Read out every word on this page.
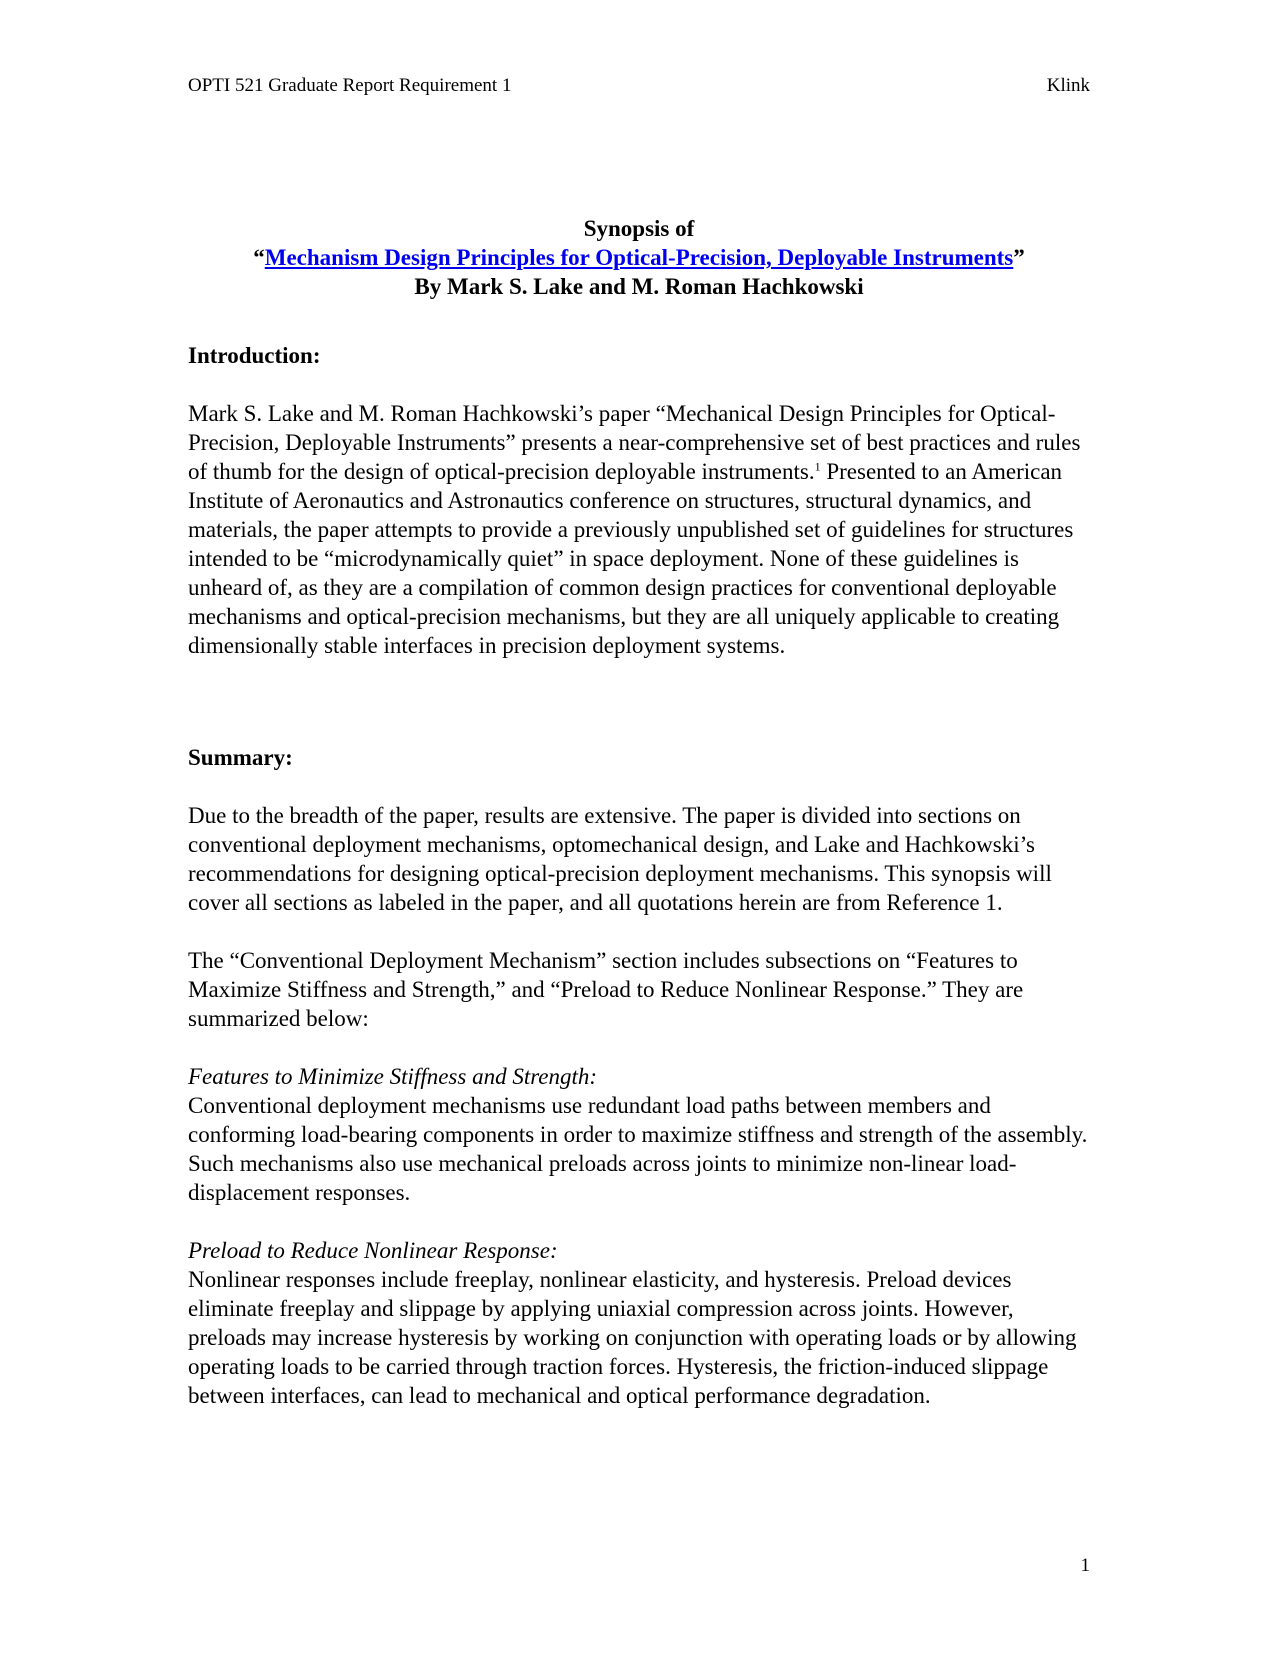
OPTI 521 Graduate Report Requirement 1	Klink
Synopsis of
“Mechanism Design Principles for Optical-Precision, Deployable Instruments”
By Mark S. Lake and M. Roman Hachkowski

Introduction:

Mark S. Lake and M. Roman Hachkowski’s paper “Mechanical Design Principles for Optical-Precision, Deployable Instruments” presents a near-comprehensive set of best practices and rules of thumb for the design of optical-precision deployable instruments.$^1$ Presented to an American Institute of Aeronautics and Astronautics conference on structures, structural dynamics, and materials, the paper attempts to provide a previously unpublished set of guidelines for structures intended to be “microdynamically quiet” in space deployment. None of these guidelines is unheard of, as they are a compilation of common design practices for conventional deployable mechanisms and optical-precision mechanisms, but they are all uniquely applicable to creating dimensionally stable interfaces in precision deployment systems.

Summary:

Due to the breadth of the paper, results are extensive. The paper is divided into sections on conventional deployment mechanisms, optomechanical design, and Lake and Hachkowski’s recommendations for designing optical-precision deployment mechanisms. This synopsis will cover all sections as labeled in the paper, and all quotations herein are from Reference 1.

The “Conventional Deployment Mechanism” section includes subsections on “Features to Maximize Stiffness and Strength,” and “Preload to Reduce Nonlinear Response.” They are summarized below:

Features to Minimize Stiffness and Strength:

Conventional deployment mechanisms use redundant load paths between members and conforming load-bearing components in order to maximize stiffness and strength of the assembly. Such mechanisms also use mechanical preloads across joints to minimize non-linear load-displacement responses.

Preload to Reduce Nonlinear Response:

Nonlinear responses include freeplay, nonlinear elasticity, and hysteresis. Preload devices eliminate freeplay and slippage by applying uniaxial compression across joints. However, preloads may increase hysteresis by working on conjunction with operating loads or by allowing operating loads to be carried through traction forces. Hysteresis, the friction-induced slippage between interfaces, can lead to mechanical and optical performance degradation.

1
